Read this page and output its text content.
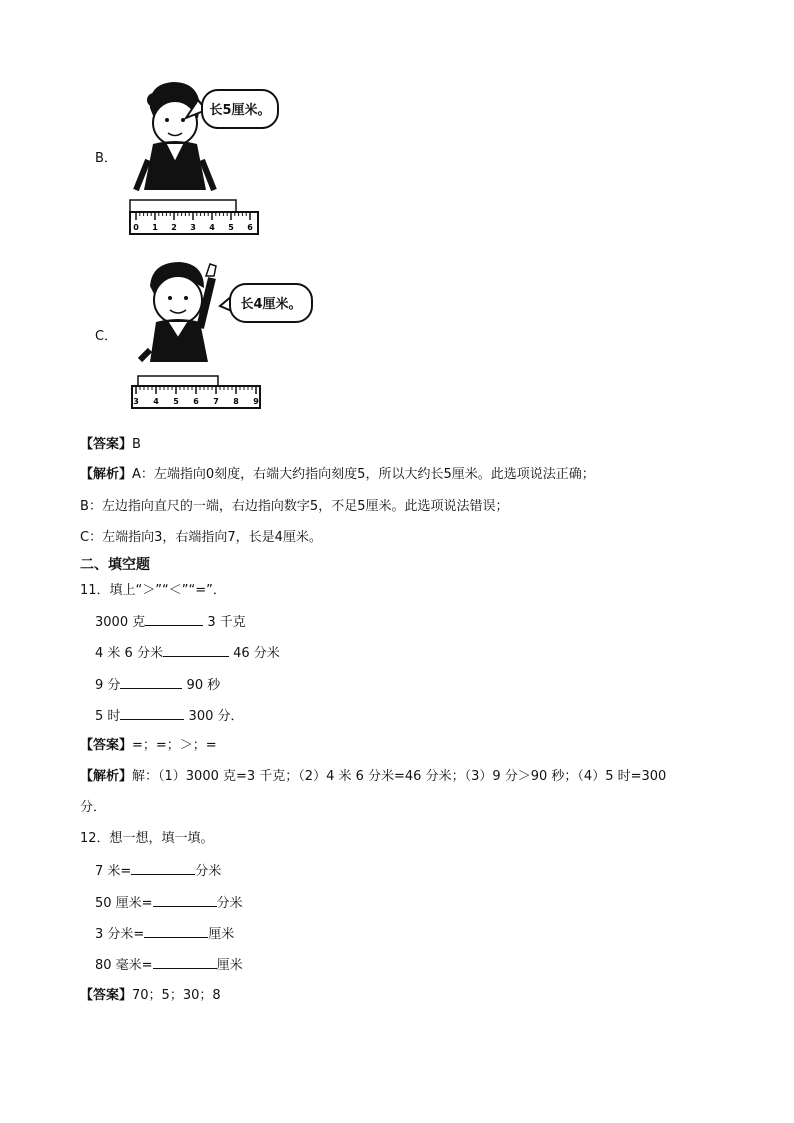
B．
长5厘米。
0 1 2 3 4 5 6
C．
长4厘米。
3 4 5 6 7 8 9
【答案】B
【解析】A：左端指向0刻度，右端大约指向刻度5，所以大约长5厘米。此选项说法正确；
B：左边指向直尺的一端，右边指向数字5，不足5厘米。此选项说法错误；
C：左端指向3，右端指向7，长是4厘米。
二、填空题
11．填上“＞”“＜”“=”．
3000 克	3 千克
4 米 6 分米	46 分米
9 分	90 秒
5 时	300 分．
【答案】=；=；＞；=
【解析】解：（1）3000 克=3 千克；（2）4 米 6 分米=46 分米；（3）9 分＞90 秒；（4）5 时=300
分．
12．想一想，填一填。
7 米=	分米
50 厘米=	分米
3 分米=	厘米
80 毫米=	厘米
【答案】70；5；30；8
